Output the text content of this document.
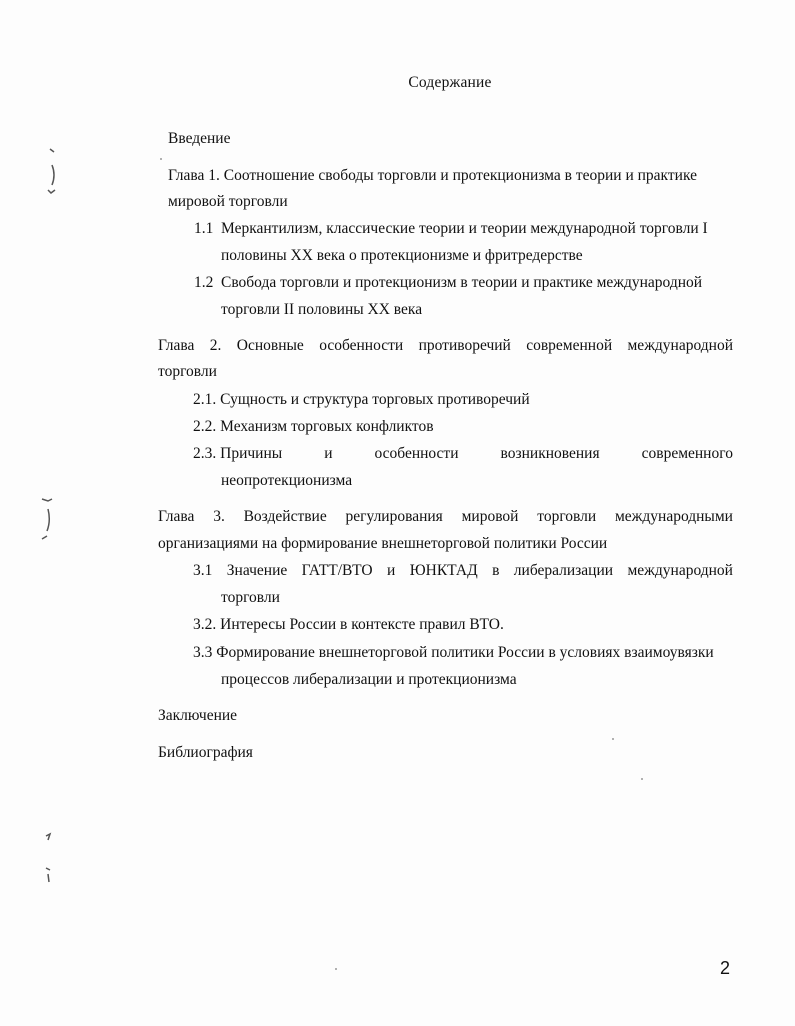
Содержание
Введение
Глава 1. Соотношение свободы торговли и протекционизма в теории и практике
мировой торговли
1.1 Меркантилизм, классические теории и теории международной торговли I
половины XX века о протекционизме и фритредерстве
1.2 Свобода торговли и протекционизм в теории и практике международной
торговли II половины XX века
Глава 2. Основные особенности противоречий современной международной
торговли
2.1. Сущность и структура торговых противоречий
2.2. Механизм торговых конфликтов
2.3. Причины	и	особенности	возникновения	современного
неопротекционизма
Глава 3. Воздействие регулирования мировой торговли международными
организациями на формирование внешнеторговой политики России
3.1 Значение ГАТТ/ВТО и ЮНКТАД в либерализации международной
торговли
3.2. Интересы России в контексте правил ВТО.
3.3 Формирование внешнеторговой политики России в условиях взаимоувязки
процессов либерализации и протекционизма
Заключение
Библиография
2
